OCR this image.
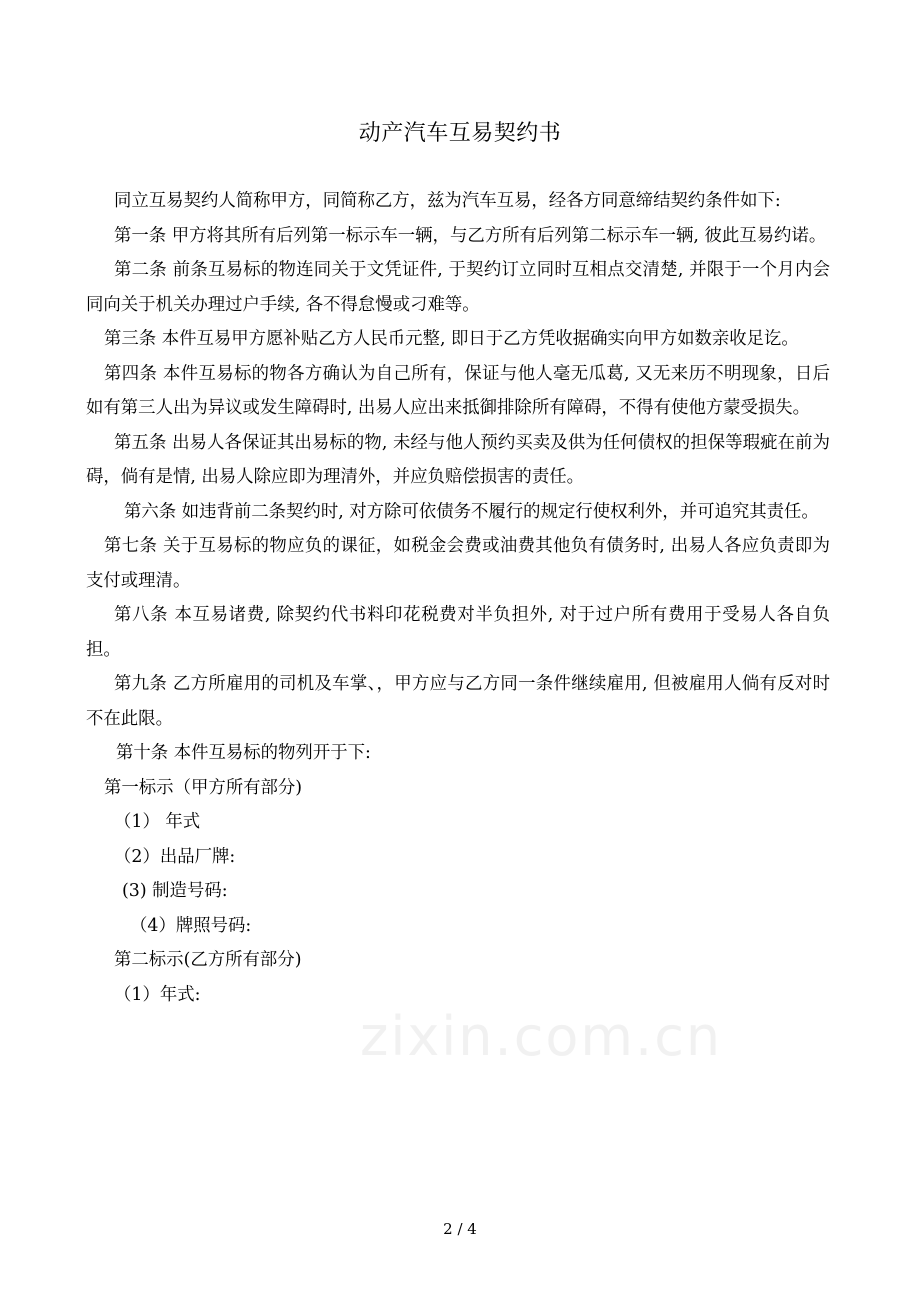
zixin.com.cn
动产汽车互易契约书

同立互易契约人简称甲方，同简称乙方，兹为汽车互易，经各方同意缔结契约条件如下:

第一条 甲方将其所有后列第一标示车一辆，与乙方所有后列第二标示车一辆, 彼此互易约诺。

第二条 前条互易标的物连同关于文凭证件, 于契约订立同时互相点交清楚, 并限于一个月内会同向关于机关办理过户手续, 各不得怠慢或刁难等。

第三条 本件互易甲方愿补贴乙方人民币元整, 即日于乙方凭收据确实向甲方如数亲收足讫。

第四条 本件互易标的物各方确认为自己所有，保证与他人毫无瓜葛, 又无来历不明现象，日后如有第三人出为异议或发生障碍时, 出易人应出来抵御排除所有障碍，不得有使他方蒙受损失。

第五条 出易人各保证其出易标的物, 未经与他人预约买卖及供为任何债权的担保等瑕疵在前为碍，倘有是情, 出易人除应即为理清外，并应负赔偿损害的责任。

第六条 如违背前二条契约时, 对方除可依债务不履行的规定行使权利外，并可追究其责任。

第七条 关于互易标的物应负的课征，如税金会费或油费其他负有债务时, 出易人各应负责即为支付或理清。

第八条 本互易诸费, 除契约代书料印花税费对半负担外, 对于过户所有费用于受易人各自负担。

第九条 乙方所雇用的司机及车掌、，甲方应与乙方同一条件继续雇用, 但被雇用人倘有反对时不在此限。

第十条 本件互易标的物列开于下:

第一标示（甲方所有部分)

（1） 年式

（2）出品厂牌:

(3) 制造号码:

（4）牌照号码:

第二标示(乙方所有部分)

（1）年式:

2 / 4
